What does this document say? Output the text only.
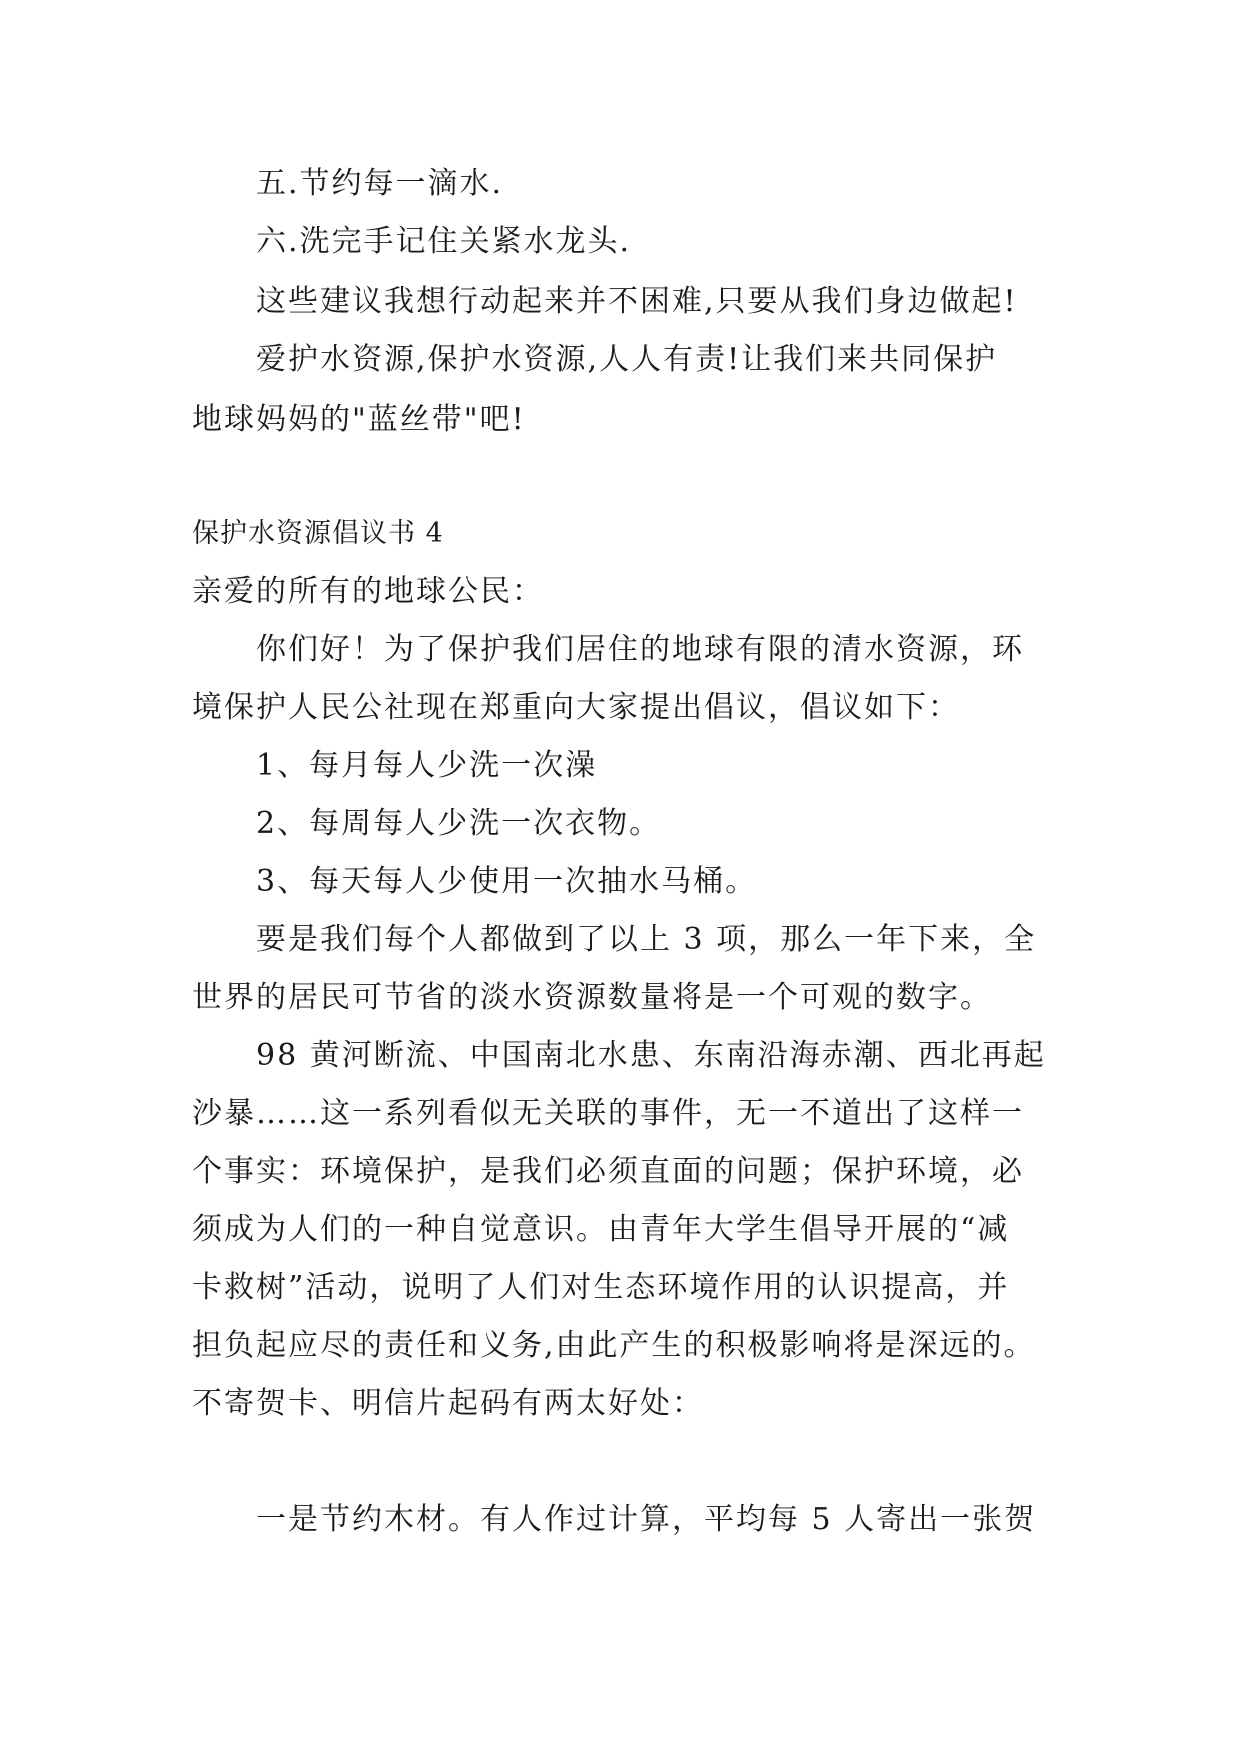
五.节约每一滴水.
六.洗完手记住关紧水龙头.
这些建议我想行动起来并不困难,只要从我们身边做起!
爱护水资源,保护水资源,人人有责!让我们来共同保护
地球妈妈的"蓝丝带"吧!
保护水资源倡议书 4
亲爱的所有的地球公民：
你们好！为了保护我们居住的地球有限的清水资源，环
境保护人民公社现在郑重向大家提出倡议，倡议如下：
1、每月每人少洗一次澡
2、每周每人少洗一次衣物。
3、每天每人少使用一次抽水马桶。
要是我们每个人都做到了以上 3 项，那么一年下来，全
世界的居民可节省的淡水资源数量将是一个可观的数字。
98 黄河断流、中国南北水患、东南沿海赤潮、西北再起
沙暴……这一系列看似无关联的事件，无一不道出了这样一
个事实：环境保护，是我们必须直面的问题；保护环境，必
须成为人们的一种自觉意识。由青年大学生倡导开展的“减
卡救树”活动，说明了人们对生态环境作用的认识提高，并
担负起应尽的责任和义务,由此产生的积极影响将是深远的。
不寄贺卡、明信片起码有两太好处：
一是节约木材。有人作过计算，平均每 5 人寄出一张贺
